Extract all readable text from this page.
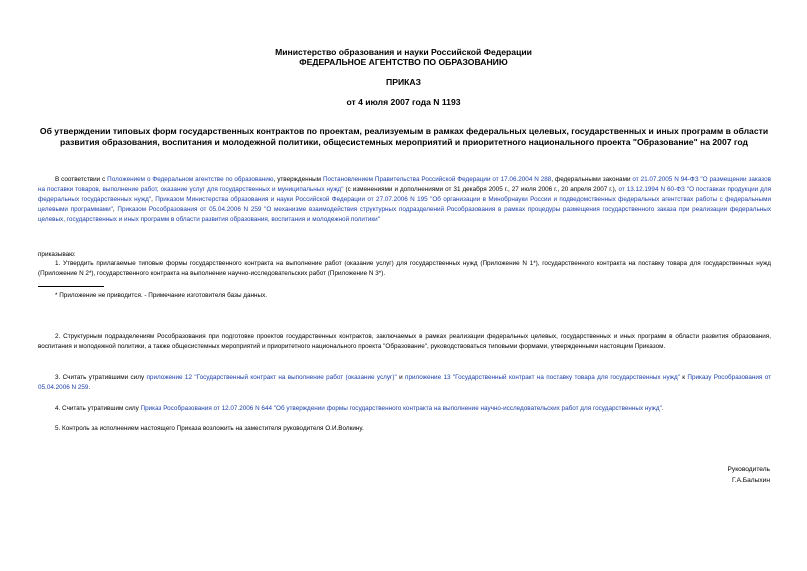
Министерство образования и науки Российской Федерации
ФЕДЕРАЛЬНОЕ АГЕНТСТВО ПО ОБРАЗОВАНИЮ
ПРИКАЗ
от 4 июля 2007 года N 1193
Об утверждении типовых форм государственных контрактов по проектам, реализуемым в рамках федеральных целевых, государственных и иных программ в области развития образования, воспитания и молодежной политики, общесистемных мероприятий и приоритетного национального проекта "Образование" на 2007 год

В соответствии с Положением о Федеральном агентстве по образованию, утвержденным Постановлением Правительства Российской Федерации от 17.06.2004 N 288, федеральными законами от 21.07.2005 N 94-ФЗ "О размещении заказов на поставки товаров, выполнение работ, оказание услуг для государственных и муниципальных нужд" (с изменениями и дополнениями от 31 декабря 2005 г., 27 июля 2006 г., 20 апреля 2007 г.), от 13.12.1994 N 60-ФЗ "О поставках продукции для федеральных государственных нужд", Приказом Министерства образования и науки Российской Федерации от 27.07.2006 N 195 "Об организации в Минобрнауки России и подведомственных федеральных агентствах работы с федеральными целевыми программами", Приказом Рособразования от 05.04.2006 N 259 "О механизме взаимодействия структурных подразделений Рособразования в рамках процедуры размещения государственного заказа при реализации федеральных целевых, государственных и иных программ в области развития образования, воспитания и молодежной политики"

приказываю:

1. Утвердить прилагаемые типовые формы государственного контракта на выполнение работ (оказание услуг) для государственных нужд (Приложение N 1*), государственного контракта на поставку товара для государственных нужд (Приложение N 2*), государственного контракта на выполнение научно-исследовательских работ (Приложение N 3*).

* Приложение не приводится. - Примечание изготовителя базы данных.

2. Структурным подразделениям Рособразования при подготовке проектов государственных контрактов, заключаемых в рамках реализации федеральных целевых, государственных и иных программ в области развития образования, воспитания и молодежной политики, а также общесистемных мероприятий и приоритетного национального проекта "Образование", руководствоваться типовыми формами, утвержденными настоящим Приказом.

3. Считать утратившими силу приложение 12 "Государственный контракт на выполнение работ (оказание услуг)" и приложение 13 "Государственный контракт на поставку товара для государственных нужд" к Приказу Рособразования от 05.04.2006 N 259.

4. Считать утратившим силу Приказ Рособразования от 12.07.2006 N 644 "Об утверждении формы государственного контракта на выполнение научно-исследовательских работ для государственных нужд".

5. Контроль за исполнением настоящего Приказа возложить на заместителя руководителя О.И.Волкину.

Руководитель
Г.А.Балыхин
